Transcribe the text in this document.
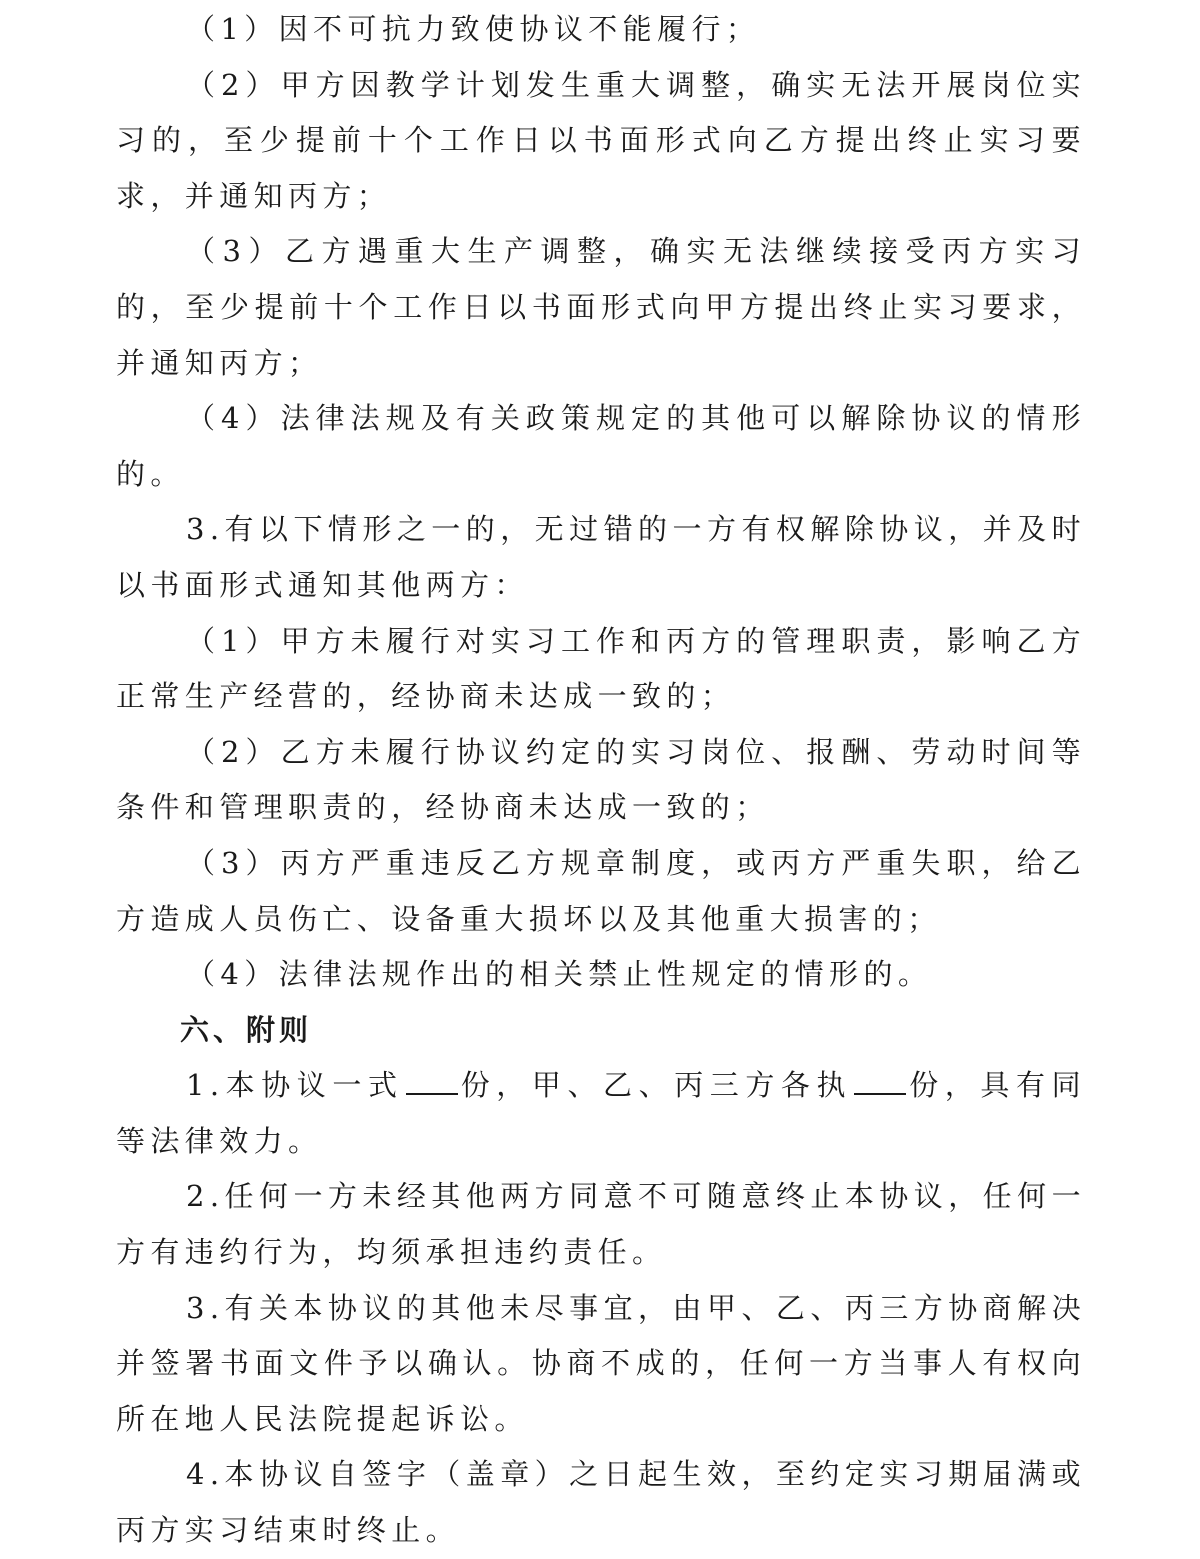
（1）因不可抗力致使协议不能履行；

（2）甲方因教学计划发生重大调整，确实无法开展岗位实习的，至少提前十个工作日以书面形式向乙方提出终止实习要求，并通知丙方；

（3）乙方遇重大生产调整，确实无法继续接受丙方实习的，至少提前十个工作日以书面形式向甲方提出终止实习要求，并通知丙方；

（4）法律法规及有关政策规定的其他可以解除协议的情形的。

3.有以下情形之一的，无过错的一方有权解除协议，并及时以书面形式通知其他两方：

（1）甲方未履行对实习工作和丙方的管理职责，影响乙方正常生产经营的，经协商未达成一致的；

（2）乙方未履行协议约定的实习岗位、报酬、劳动时间等条件和管理职责的，经协商未达成一致的；

（3）丙方严重违反乙方规章制度，或丙方严重失职，给乙方造成人员伤亡、设备重大损坏以及其他重大损害的；

（4）法律法规作出的相关禁止性规定的情形的。

六、附则

1.本协议一式 份，甲、乙、丙三方各执 份，具有同等法律效力。

2.任何一方未经其他两方同意不可随意终止本协议，任何一方有违约行为，均须承担违约责任。

3.有关本协议的其他未尽事宜，由甲、乙、丙三方协商解决并签署书面文件予以确认。协商不成的，任何一方当事人有权向所在地人民法院提起诉讼。

4.本协议自签字（盖章）之日起生效，至约定实习期届满或丙方实习结束时终止。
